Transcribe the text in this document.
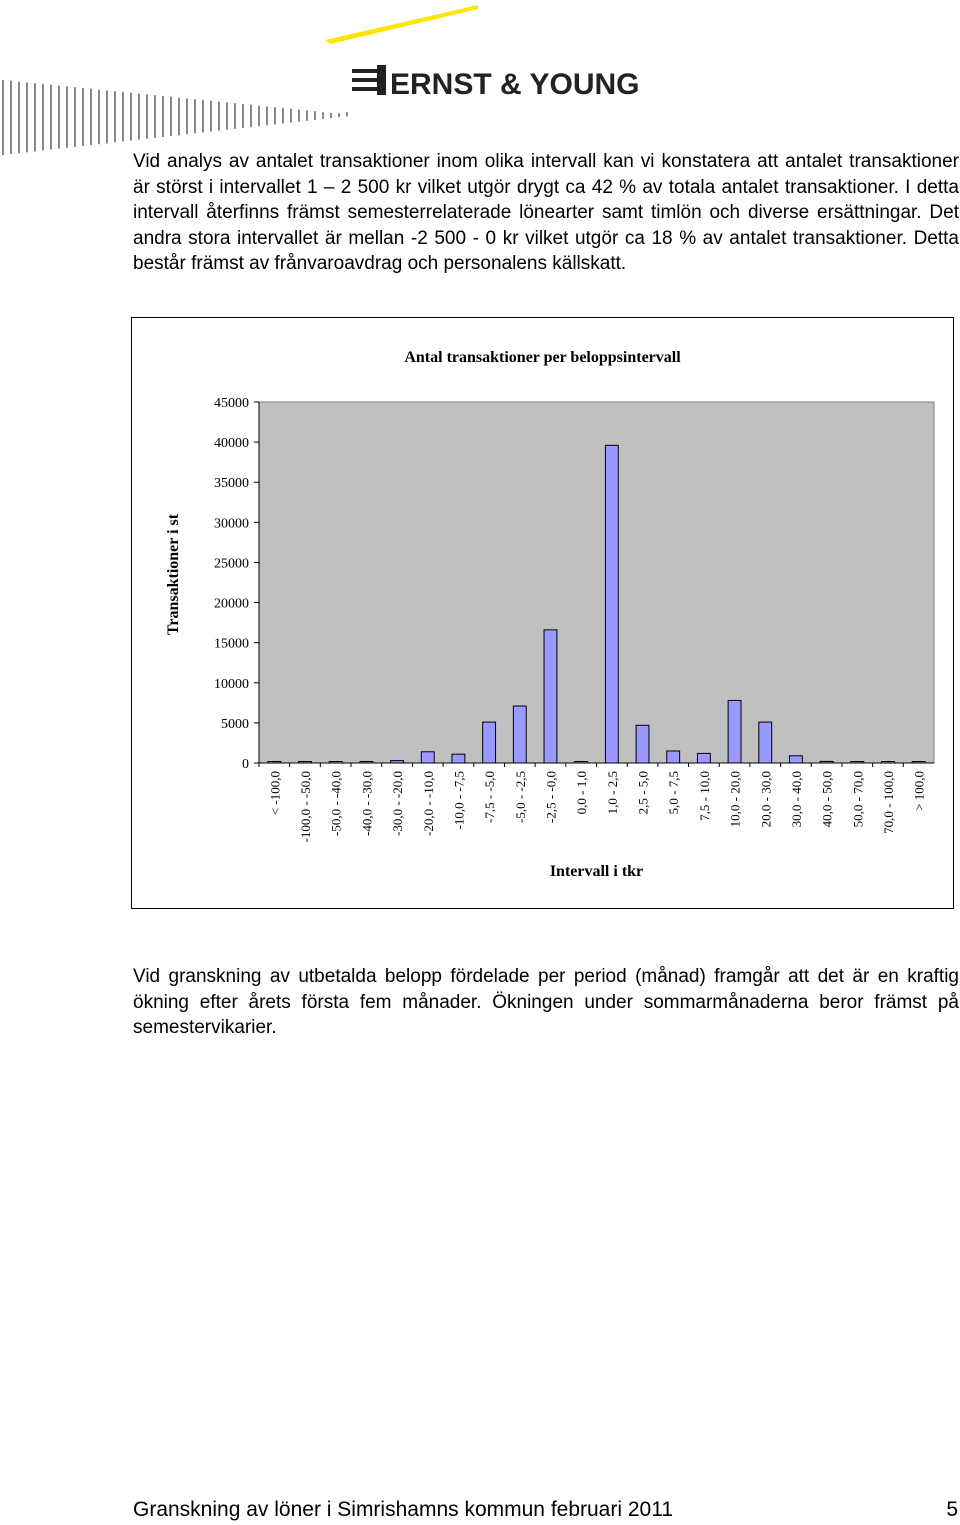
ERNST & YOUNG

Vid analys av antalet transaktioner inom olika intervall kan vi konstatera att antalet transaktioner är störst i intervallet 1 – 2 500 kr vilket utgör drygt ca 42 % av totala antalet transaktioner. I detta intervall återfinns främst semesterrelaterade lönearter samt timlön och diverse ersättningar. Det andra stora intervallet är mellan -2 500 - 0 kr vilket utgör ca 18 % av antalet transaktioner. Detta består främst av frånvaroavdrag och personalens källskatt.

Antal transaktioner per beloppsintervall
0
5000
10000
15000
20000
25000
30000
35000
40000
45000
Transaktioner i st
< -100,0 -100,0 - -50,0 -50,0 - -40,0 -40,0 - -30,0 -30,0 - -20,0 -20,0 - -10,0 -10,0 - -7,5 -7,5 - -5,0 -5,0 - -2,5 -2,5 - -0,0 0,0 - 1,0 1,0 - 2,5 2,5 - 5,0 5,0 - 7,5 7,5 - 10,0 10,0 - 20,0 20,0 - 30,0 30,0 - 40,0 40,0 - 50,0 50,0 - 70,0 70,0 - 100,0 > 100,0
Intervall i tkr

Vid granskning av utbetalda belopp fördelade per period (månad) framgår att det är en kraftig ökning efter årets första fem månader. Ökningen under sommarmånaderna beror främst på semestervikarier.

Granskning av löner i Simrishamns kommun februari 2011	5
